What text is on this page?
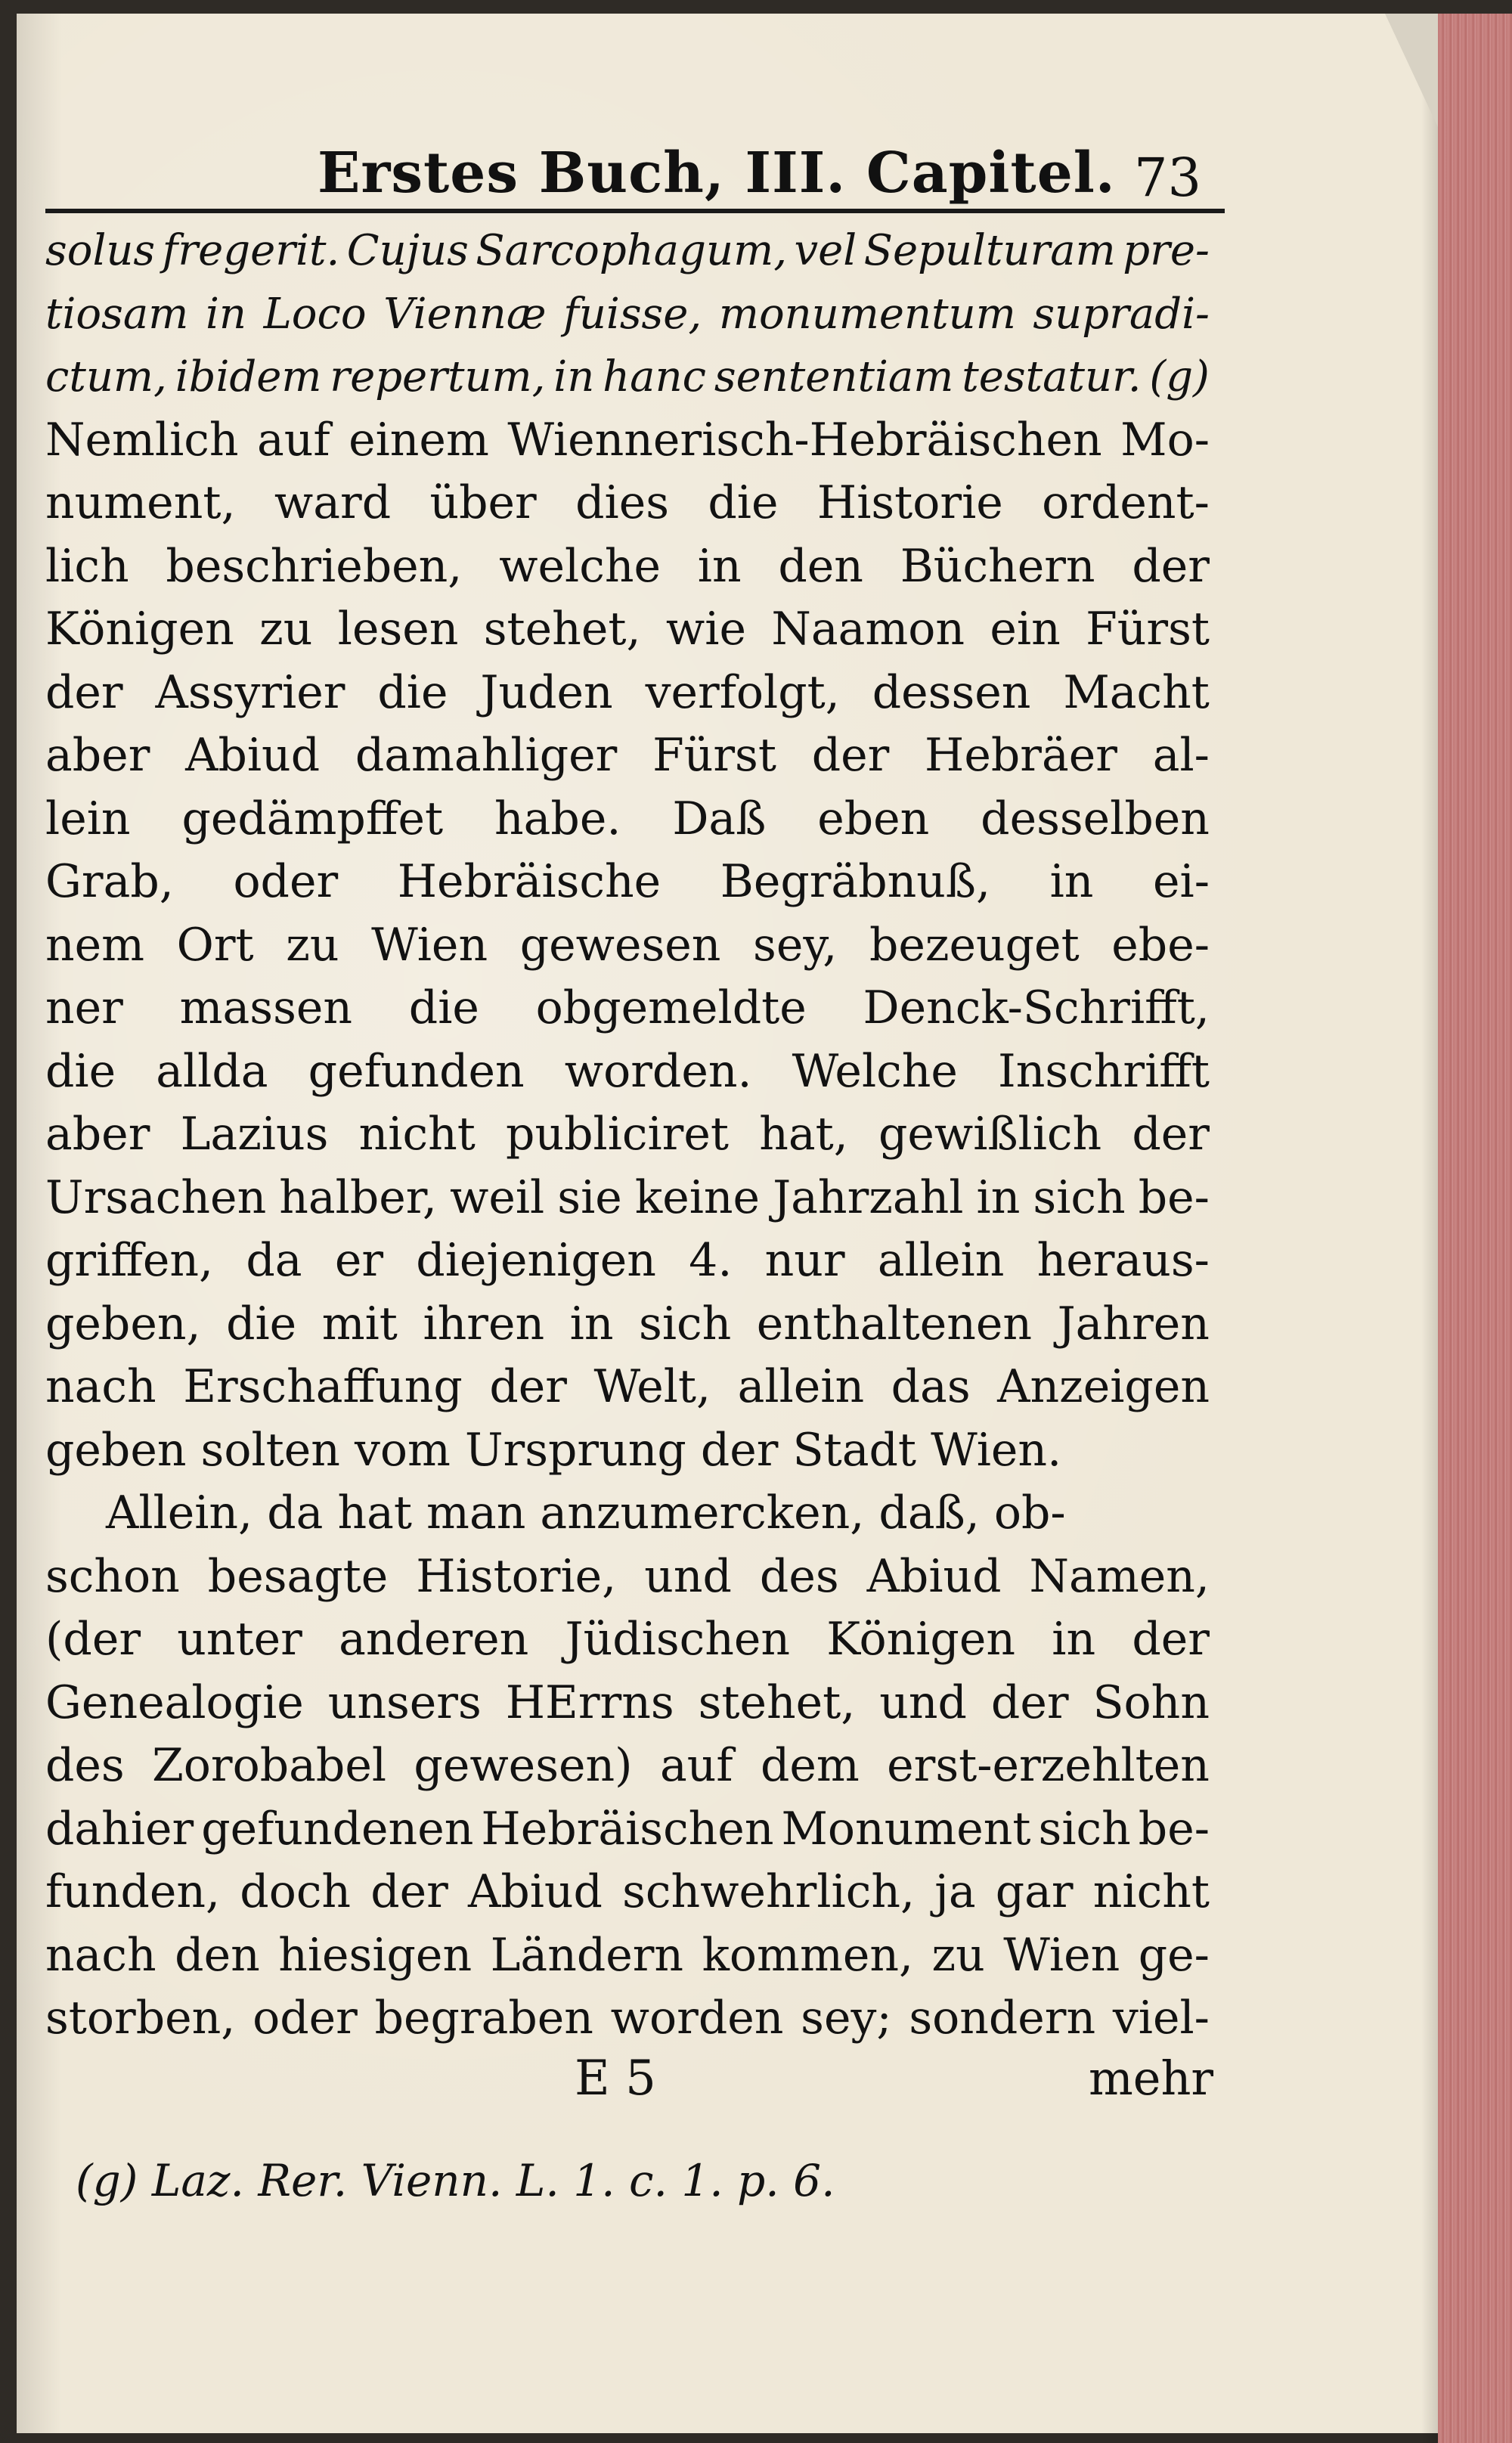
Erstes Buch, III. Capitel. 73
solus fregerit. Cujus Sarcophagum, vel Sepulturam pre-
tiosam in Loco Viennæ fuisse, monumentum supradi-
ctum, ibidem repertum, in hanc sententiam testatur. (g)
Nemlich auf einem Wiennerisch-Hebräischen Mo-
nument, ward über dies die Historie ordent-
lich beschrieben, welche in den Büchern der
Königen zu lesen stehet, wie Naamon ein Fürst
der Assyrier die Juden verfolgt, dessen Macht
aber Abiud damahliger Fürst der Hebräer al-
lein gedämpffet habe. Daß eben desselben
Grab, oder Hebräische Begräbnuß, in ei-
nem Ort zu Wien gewesen sey, bezeuget ebe-
ner massen die obgemeldte Denck-Schrifft,
die allda gefunden worden. Welche Inschrifft
aber Lazius nicht publiciret hat, gewißlich der
Ursachen halber, weil sie keine Jahrzahl in sich be-
griffen, da er diejenigen 4. nur allein heraus-
geben, die mit ihren in sich enthaltenen Jahren
nach Erschaffung der Welt, allein das Anzeigen
geben solten vom Ursprung der Stadt Wien.
Allein, da hat man anzumercken, daß, ob-
schon besagte Historie, und des Abiud Namen,
(der unter anderen Jüdischen Königen in der
Genealogie unsers HErrns stehet, und der Sohn
des Zorobabel gewesen) auf dem erst-erzehlten
dahier gefundenen Hebräischen Monument sich be-
funden, doch der Abiud schwehrlich, ja gar nicht
nach den hiesigen Ländern kommen, zu Wien ge-
storben, oder begraben worden sey; sondern viel-
E 5	mehr
(g) Laz. Rer. Vienn. L. 1. c. 1. p. 6.
